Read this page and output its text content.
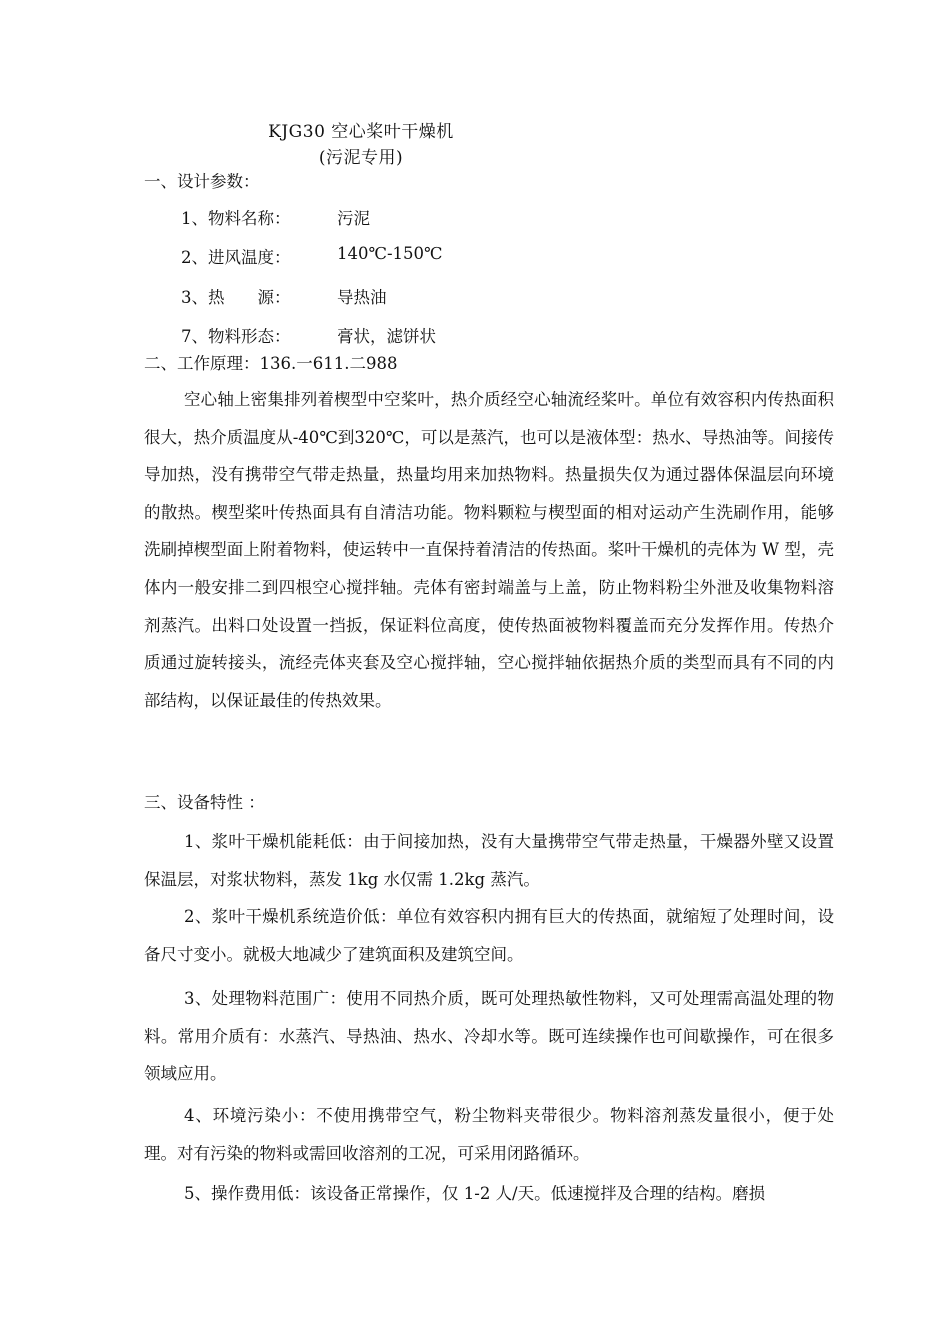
KJG30 空心桨叶干燥机
(污泥专用)
一、设计参数：
1、物料名称：	污泥
2、进风温度：	140℃-150℃
3、热　　源：	导热油
7、物料形态：	膏状，滤饼状
二、工作原理：136.一611.二988
空心轴上密集排列着楔型中空桨叶，热介质经空心轴流经桨叶。单位有效容积内传热面积很大，热介质温度从-40℃到320℃，可以是蒸汽，也可以是液体型：热水、导热油等。间接传导加热，没有携带空气带走热量，热量均用来加热物料。热量损失仅为通过器体保温层向环境的散热。楔型桨叶传热面具有自清洁功能。物料颗粒与楔型面的相对运动产生洗刷作用，能够洗刷掉楔型面上附着物料，使运转中一直保持着清洁的传热面。桨叶干燥机的壳体为 W 型，壳体内一般安排二到四根空心搅拌轴。壳体有密封端盖与上盖，防止物料粉尘外泄及收集物料溶剂蒸汽。出料口处设置一挡扳，保证料位高度，使传热面被物料覆盖而充分发挥作用。传热介质通过旋转接头，流经壳体夹套及空心搅拌轴，空心搅拌轴依据热介质的类型而具有不同的内部结构，以保证最佳的传热效果。
三、设备特性 ：
1、浆叶干燥机能耗低：由于间接加热，没有大量携带空气带走热量，干燥器外壁又设置保温层，对浆状物料，蒸发 1kg 水仅需 1.2kg 蒸汽。
2、浆叶干燥机系统造价低：单位有效容积内拥有巨大的传热面，就缩短了处理时间，设备尺寸变小。就极大地减少了建筑面积及建筑空间。
3、处理物料范围广：使用不同热介质，既可处理热敏性物料，又可处理需高温处理的物料。常用介质有：水蒸汽、导热油、热水、冷却水等。既可连续操作也可间歇操作，可在很多领域应用。
4、环境污染小：不使用携带空气，粉尘物料夹带很少。物料溶剂蒸发量很小，便于处理。对有污染的物料或需回收溶剂的工况，可采用闭路循环。
5、操作费用低：该设备正常操作，仅 1-2 人/天。低速搅拌及合理的结构。磨损
